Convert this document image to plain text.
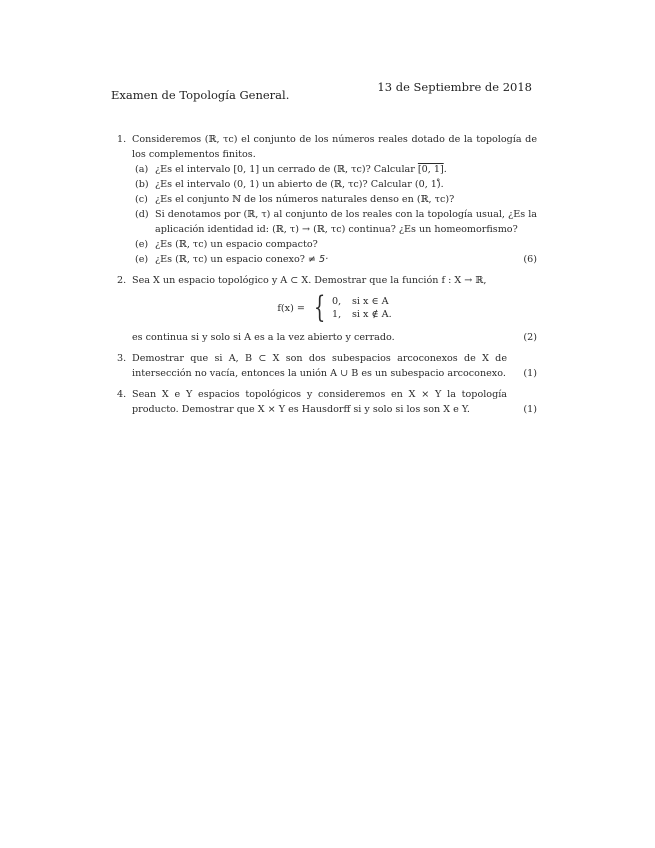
Examen de Topología General.
13 de Septiembre de 2018
1. Consideremos (ℝ, τc) el conjunto de los números reales dotado de la topología de los complementos finitos.
(a) ¿Es el intervalo [0, 1] un cerrado de (ℝ, τc)? Calcular [0, 1].
(b) ¿Es el intervalo (0, 1) un abierto de (ℝ, τc)? Calcular (0, 1)̊.
(c) ¿Es el conjunto ℕ de los números naturales denso en (ℝ, τc)?
(d) Si denotamos por (ℝ, τ) al conjunto de los reales con la topología usual, ¿Es la aplicación identidad id: (ℝ, τ) → (ℝ, τc) continua? ¿Es un homeomorfismo?
(e) ¿Es (ℝ, τc) un espacio compacto?
(e) ¿Es (ℝ, τc) un espacio conexo? ≠ 5·	(6)
2. Sea X un espacio topológico y A ⊂ X. Demostrar que la función f : X → ℝ,
f(x) = { 0,	si x ∈ A
1,	si x ∉ A.
es continua si y solo si A es a la vez abierto y cerrado.	(2)
3. Demostrar que si A, B ⊂ X son dos subespacios arcoconexos de X de intersección no vacía, entonces la unión A ∪ B es un subespacio arcoconexo.	(1)
4. Sean X e Y espacios topológicos y consideremos en X × Y la topología producto. Demostrar que X × Y es Hausdorff si y solo si los son X e Y.	(1)
